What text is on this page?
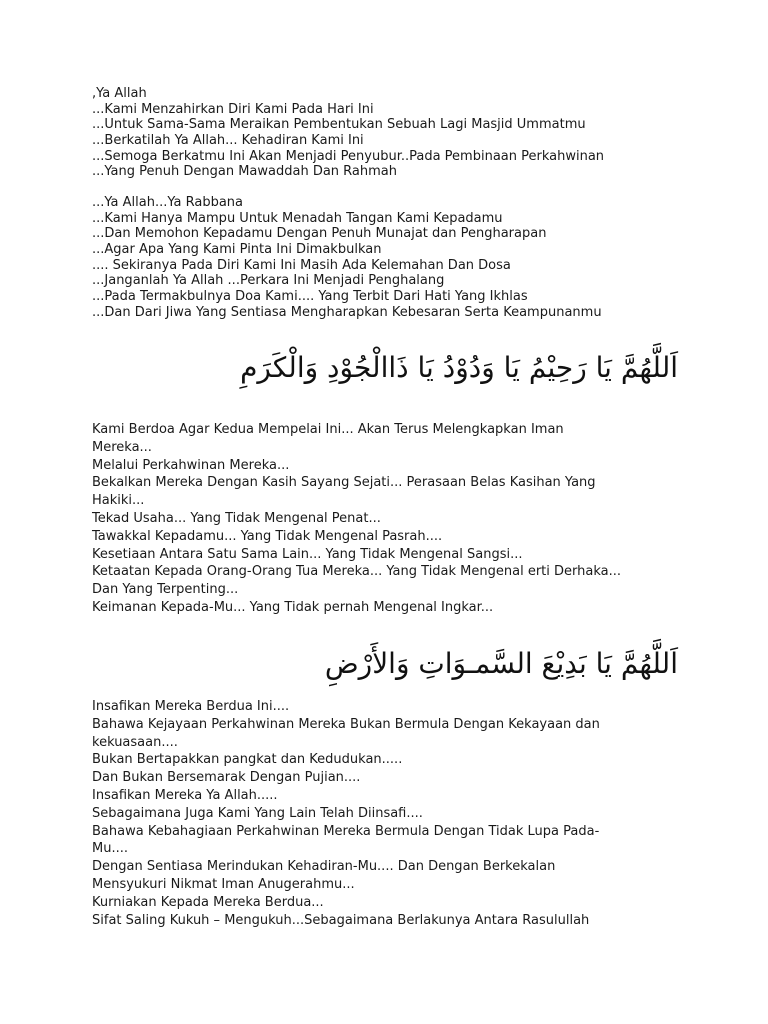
,Ya Allah
...Kami Menzahirkan Diri Kami Pada Hari Ini
...Untuk Sama-Sama Meraikan Pembentukan Sebuah Lagi Masjid Ummatmu
...Berkatilah Ya Allah... Kehadiran Kami Ini
...Semoga Berkatmu Ini Akan Menjadi Penyubur..Pada Pembinaan Perkahwinan
...Yang Penuh Dengan Mawaddah Dan Rahmah
...Ya Allah...Ya Rabbana
...Kami Hanya Mampu Untuk Menadah Tangan Kami Kepadamu
...Dan Memohon Kepadamu Dengan Penuh Munajat dan Pengharapan
...Agar Apa Yang Kami Pinta Ini Dimakbulkan
.... Sekiranya Pada Diri Kami Ini Masih Ada Kelemahan Dan Dosa
...Janganlah Ya Allah ...Perkara Ini Menjadi Penghalang
...Pada Termakbulnya Doa Kami.... Yang Terbit Dari Hati Yang Ikhlas
...Dan Dari Jiwa Yang Sentiasa Mengharapkan Kebesaran Serta Keampunanmu
اَللَّهُمَّ يَا رَحِيْمُ يَا وَدُوْدُ يَا ذَاالْجُوْدِ وَالْكَرَمِ
Kami Berdoa Agar Kedua Mempelai Ini... Akan Terus Melengkapkan Iman
Mereka...
Melalui Perkahwinan Mereka...
Bekalkan Mereka Dengan Kasih Sayang Sejati... Perasaan Belas Kasihan Yang
Hakiki...
Tekad Usaha... Yang Tidak Mengenal Penat...
Tawakkal Kepadamu... Yang Tidak Mengenal Pasrah....
Kesetiaan Antara Satu Sama Lain... Yang Tidak Mengenal Sangsi...
Ketaatan Kepada Orang-Orang Tua Mereka... Yang Tidak Mengenal erti Derhaka...
Dan Yang Terpenting...
Keimanan Kepada-Mu... Yang Tidak pernah Mengenal Ingkar...
اَللَّهُمَّ يَا بَدِيْعَ السَّمـوَاتِ وَالأَرْضِ
Insafikan Mereka Berdua Ini....
Bahawa Kejayaan Perkahwinan Mereka Bukan Bermula Dengan Kekayaan dan
kekuasaan....
Bukan Bertapakkan pangkat dan Kedudukan.....
Dan Bukan Bersemarak Dengan Pujian....
Insafikan Mereka Ya Allah.....
Sebagaimana Juga Kami Yang Lain Telah Diinsafi....
Bahawa Kebahagiaan Perkahwinan Mereka Bermula Dengan Tidak Lupa Pada-
Mu....
Dengan Sentiasa Merindukan Kehadiran-Mu.... Dan Dengan Berkekalan
Mensyukuri Nikmat Iman Anugerahmu...
Kurniakan Kepada Mereka Berdua...
Sifat Saling Kukuh – Mengukuh...Sebagaimana Berlakunya Antara Rasulullah
